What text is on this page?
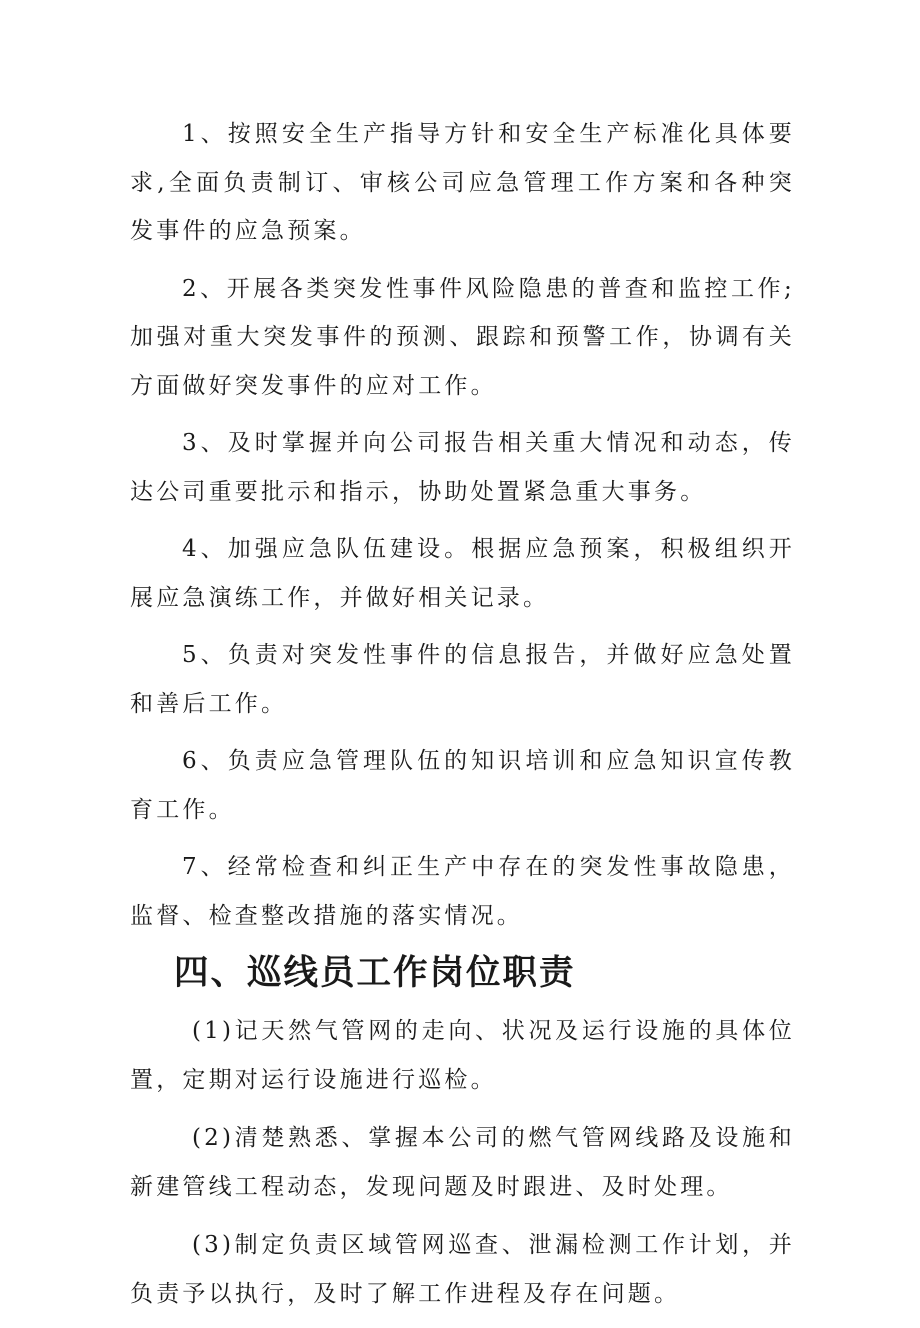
1、按照安全生产指导方针和安全生产标准化具体要求,全面负责制订、审核公司应急管理工作方案和各种突发事件的应急预案。

2、开展各类突发性事件风险隐患的普查和监控工作;加强对重大突发事件的预测、跟踪和预警工作，协调有关方面做好突发事件的应对工作。

3、及时掌握并向公司报告相关重大情况和动态，传达公司重要批示和指示，协助处置紧急重大事务。

4、加强应急队伍建设。根据应急预案，积极组织开展应急演练工作，并做好相关记录。

5、负责对突发性事件的信息报告，并做好应急处置和善后工作。

6、负责应急管理队伍的知识培训和应急知识宣传教育工作。

7、经常检查和纠正生产中存在的突发性事故隐患，监督、检查整改措施的落实情况。

四、巡线员工作岗位职责

(1)记天然气管网的走向、状况及运行设施的具体位置，定期对运行设施进行巡检。

(2)清楚熟悉、掌握本公司的燃气管网线路及设施和新建管线工程动态，发现问题及时跟进、及时处理。

(3)制定负责区域管网巡查、泄漏检测工作计划，并负责予以执行，及时了解工作进程及存在问题。
